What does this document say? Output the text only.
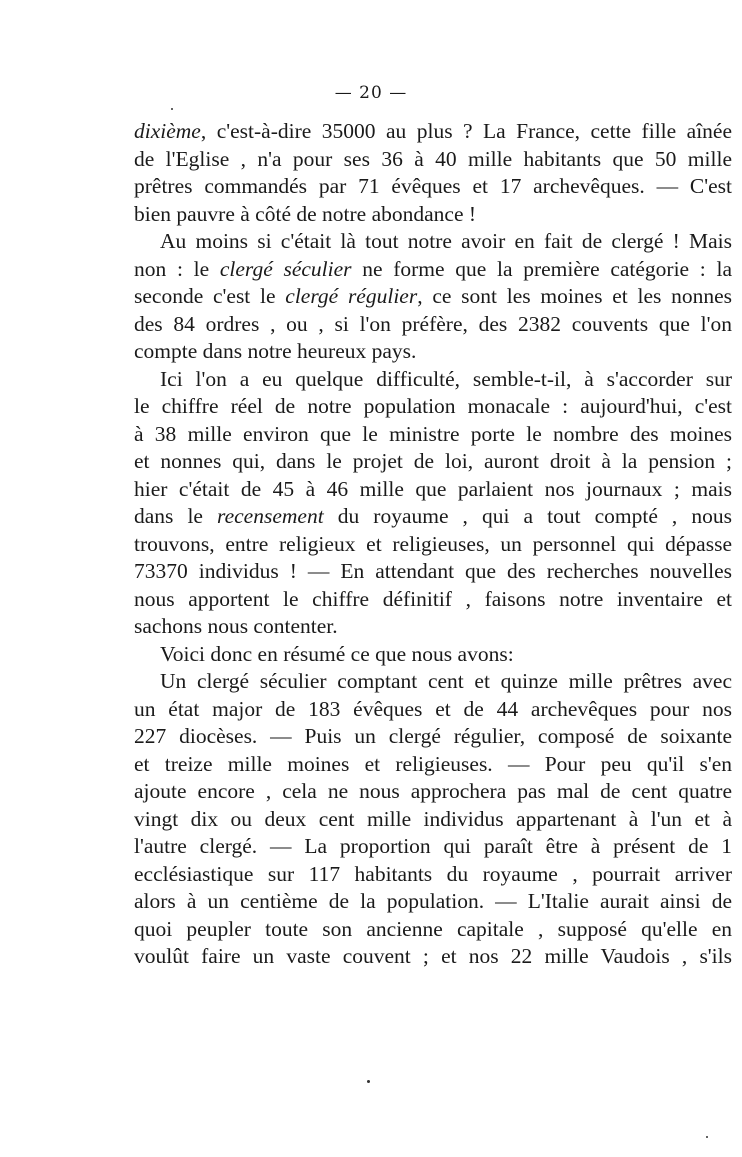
— 20 —
dixième, c'est-à-dire 35000 au plus ? La France, cette fille aînée
de l'Eglise , n'a pour ses 36 à 40 mille habitants que 50 mille
prêtres commandés par 71 évêques et 17 archevêques. — C'est
bien pauvre à côté de notre abondance !
Au moins si c'était là tout notre avoir en fait de clergé ! Mais
non : le clergé séculier ne forme que la première catégorie : la
seconde c'est le clergé régulier, ce sont les moines et les nonnes
des 84 ordres , ou , si l'on préfère, des 2382 couvents que l'on
compte dans notre heureux pays.
Ici l'on a eu quelque difficulté, semble-t-il, à s'accorder sur
le chiffre réel de notre population monacale : aujourd'hui, c'est
à 38 mille environ que le ministre porte le nombre des moines
et nonnes qui, dans le projet de loi, auront droit à la pension ;
hier c'était de 45 à 46 mille que parlaient nos journaux ; mais
dans le recensement du royaume , qui a tout compté , nous
trouvons, entre religieux et religieuses, un personnel qui dépasse
73370 individus ! — En attendant que des recherches nouvelles
nous apportent le chiffre définitif , faisons notre inventaire et
sachons nous contenter.
Voici donc en résumé ce que nous avons:
Un clergé séculier comptant cent et quinze mille prêtres avec
un état major de 183 évêques et de 44 archevêques pour nos
227 diocèses. — Puis un clergé régulier, composé de soixante
et treize mille moines et religieuses. — Pour peu qu'il s'en
ajoute encore , cela ne nous approchera pas mal de cent quatre
vingt dix ou deux cent mille individus appartenant à l'un et à
l'autre clergé. — La proportion qui paraît être à présent de 1
ecclésiastique sur 117 habitants du royaume , pourrait arriver
alors à un centième de la population. — L'Italie aurait ainsi de
quoi peupler toute son ancienne capitale , supposé qu'elle en
voulût faire un vaste couvent ; et nos 22 mille Vaudois , s'ils
